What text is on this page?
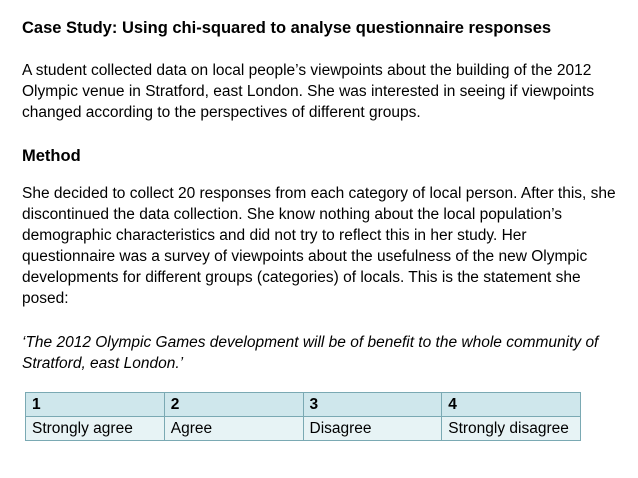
Case Study: Using chi-squared to analyse questionnaire responses

A student collected data on local people’s viewpoints about the building of the 2012 Olympic venue in Stratford, east London. She was interested in seeing if viewpoints changed according to the perspectives of different groups.

Method

She decided to collect 20 responses from each category of local person. After this, she discontinued the data collection. She know nothing about the local population’s demographic characteristics and did not try to reflect this in her study. Her questionnaire was a survey of viewpoints about the usefulness of the new Olympic developments for different groups (categories) of locals. This is the statement she posed:

‘The 2012 Olympic Games development will be of benefit to the whole community of Stratford, east London.’

1	2	3	4
Strongly agree	Agree	Disagree	Strongly disagree
